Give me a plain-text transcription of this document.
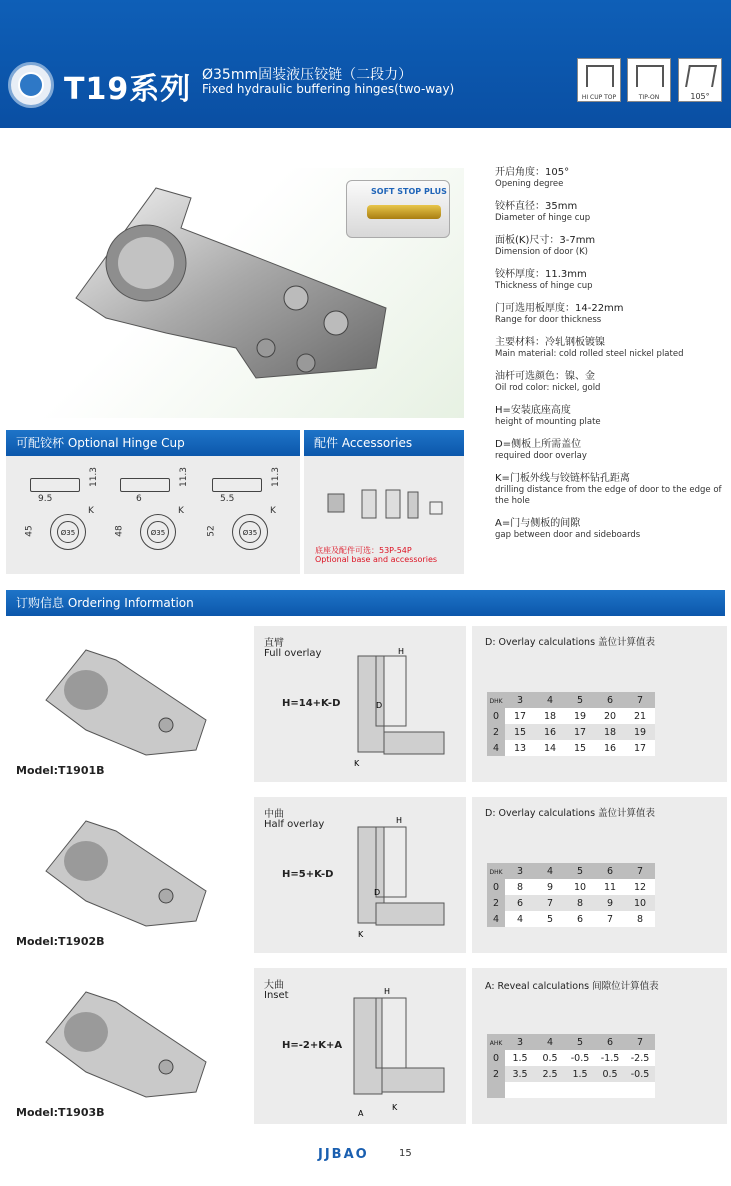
T19系列 Ø35mm固装液压铰链（二段力）
Fixed hydraulic buffering hinges(two-way)
HI CUP TOP	TIP-ON	105°
SOFT STOP PLUS
开启角度：105°
Opening degree
铰杯直径：35mm
Diameter of hinge cup
面板(K)尺寸：3-7mm
Dimension of door (K)
铰杯厚度：11.3mm
Thickness of hinge cup
门可选用板厚度：14-22mm
Range for door thickness
主要材料：冷轧钢板镀镍
Main material: cold rolled steel nickel plated
油杆可选颜色：镍、金
Oil rod color: nickel, gold
H=安装底座高度
height of mounting plate
D=侧板上所需盖位
required door overlay
K=门板外线与铰链杯钻孔距离
drilling distance from the edge of door to the edge of the hole
A=门与侧板的间隙
gap between door and sideboards
可配铰杯 Optional Hinge Cup	配件 Accessories
11.3
9.5
K
45	Ø35
11.3
6
K
48	Ø35
11.3
5.5
K
52	Ø35
底座及配件可选：53P-54P
Optional base and accessories
订购信息 Ordering Information
Model:T1901B
直臂
Full overlay
H=14+K-D
H
D
K
D: Overlay calculations 盖位计算值表
DHK	3	4	5	6	7
0	17	18	19	20	21
2	15	16	17	18	19
4	13	14	15	16	17
Model:T1902B
中曲
Half overlay
H=5+K-D
H
D
K
D: Overlay calculations 盖位计算值表
DHK	3	4	5	6	7
0	8	9	10	11	12
2	6	7	8	9	10
4	4	5	6	7	8
Model:T1903B
大曲
Inset
H=-2+K+A
H
A
K
A: Reveal calculations 间隙位计算值表
AHK	3	4	5	6	7
0	1.5	0.5	-0.5	-1.5	-2.5
2	3.5	2.5	1.5	0.5	-0.5

JJBAO	15
